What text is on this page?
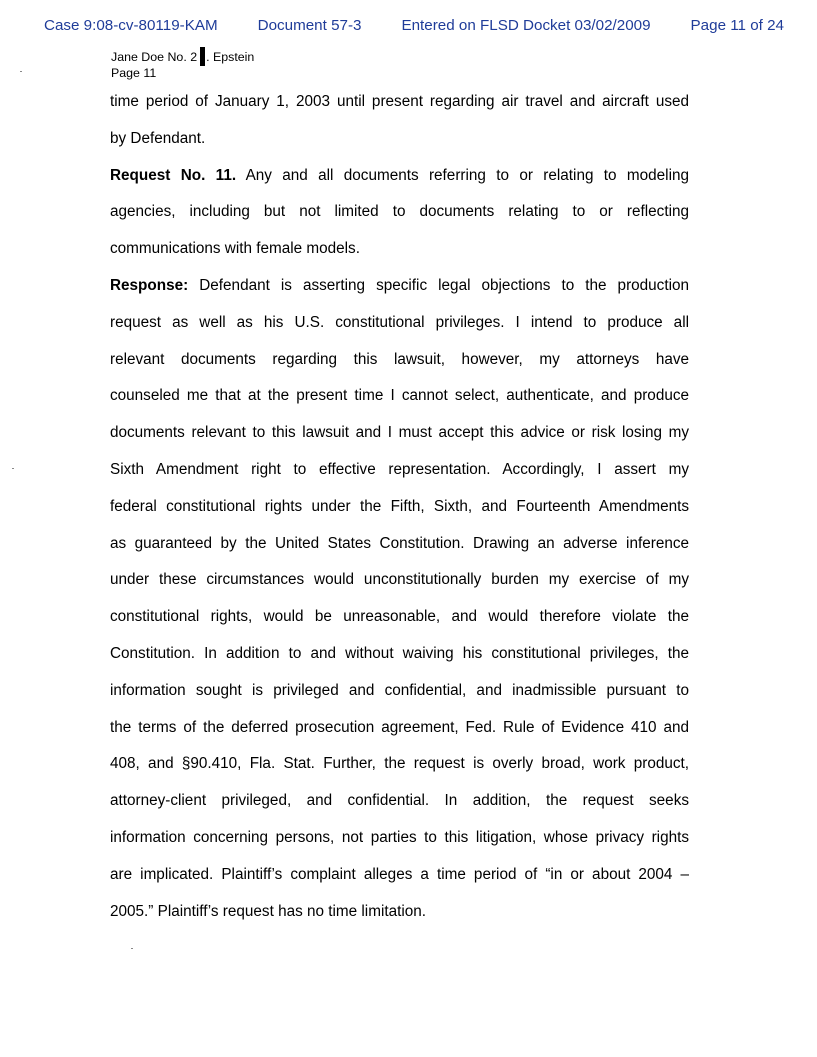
Case 9:08-cv-80119-KAM	Document 57-3	Entered on FLSD Docket 03/02/2009	Page 11 of 24
Jane Doe No. 2 . Epstein
Page 11

time period of January 1, 2003 until present regarding air travel and aircraft used

by Defendant.

Request No. 11. Any and all documents referring to or relating to modeling

agencies, including but not limited to documents relating to or reflecting

communications with female models.

Response: Defendant is asserting specific legal objections to the production

request as well as his U.S. constitutional privileges. I intend to produce all

relevant documents regarding this lawsuit, however, my attorneys have

counseled me that at the present time I cannot select, authenticate, and produce

documents relevant to this lawsuit and I must accept this advice or risk losing my

Sixth Amendment right to effective representation. Accordingly, I assert my

federal constitutional rights under the Fifth, Sixth, and Fourteenth Amendments

as guaranteed by the United States Constitution. Drawing an adverse inference

under these circumstances would unconstitutionally burden my exercise of my

constitutional rights, would be unreasonable, and would therefore violate the

Constitution. In addition to and without waiving his constitutional privileges, the

information sought is privileged and confidential, and inadmissible pursuant to

the terms of the deferred prosecution agreement, Fed. Rule of Evidence 410 and

408, and §90.410, Fla. Stat. Further, the request is overly broad, work product,

attorney-client privileged, and confidential. In addition, the request seeks

information concerning persons, not parties to this litigation, whose privacy rights

are implicated. Plaintiff’s complaint alleges a time period of “in or about 2004 –

2005.” Plaintiff’s request has no time limitation.
